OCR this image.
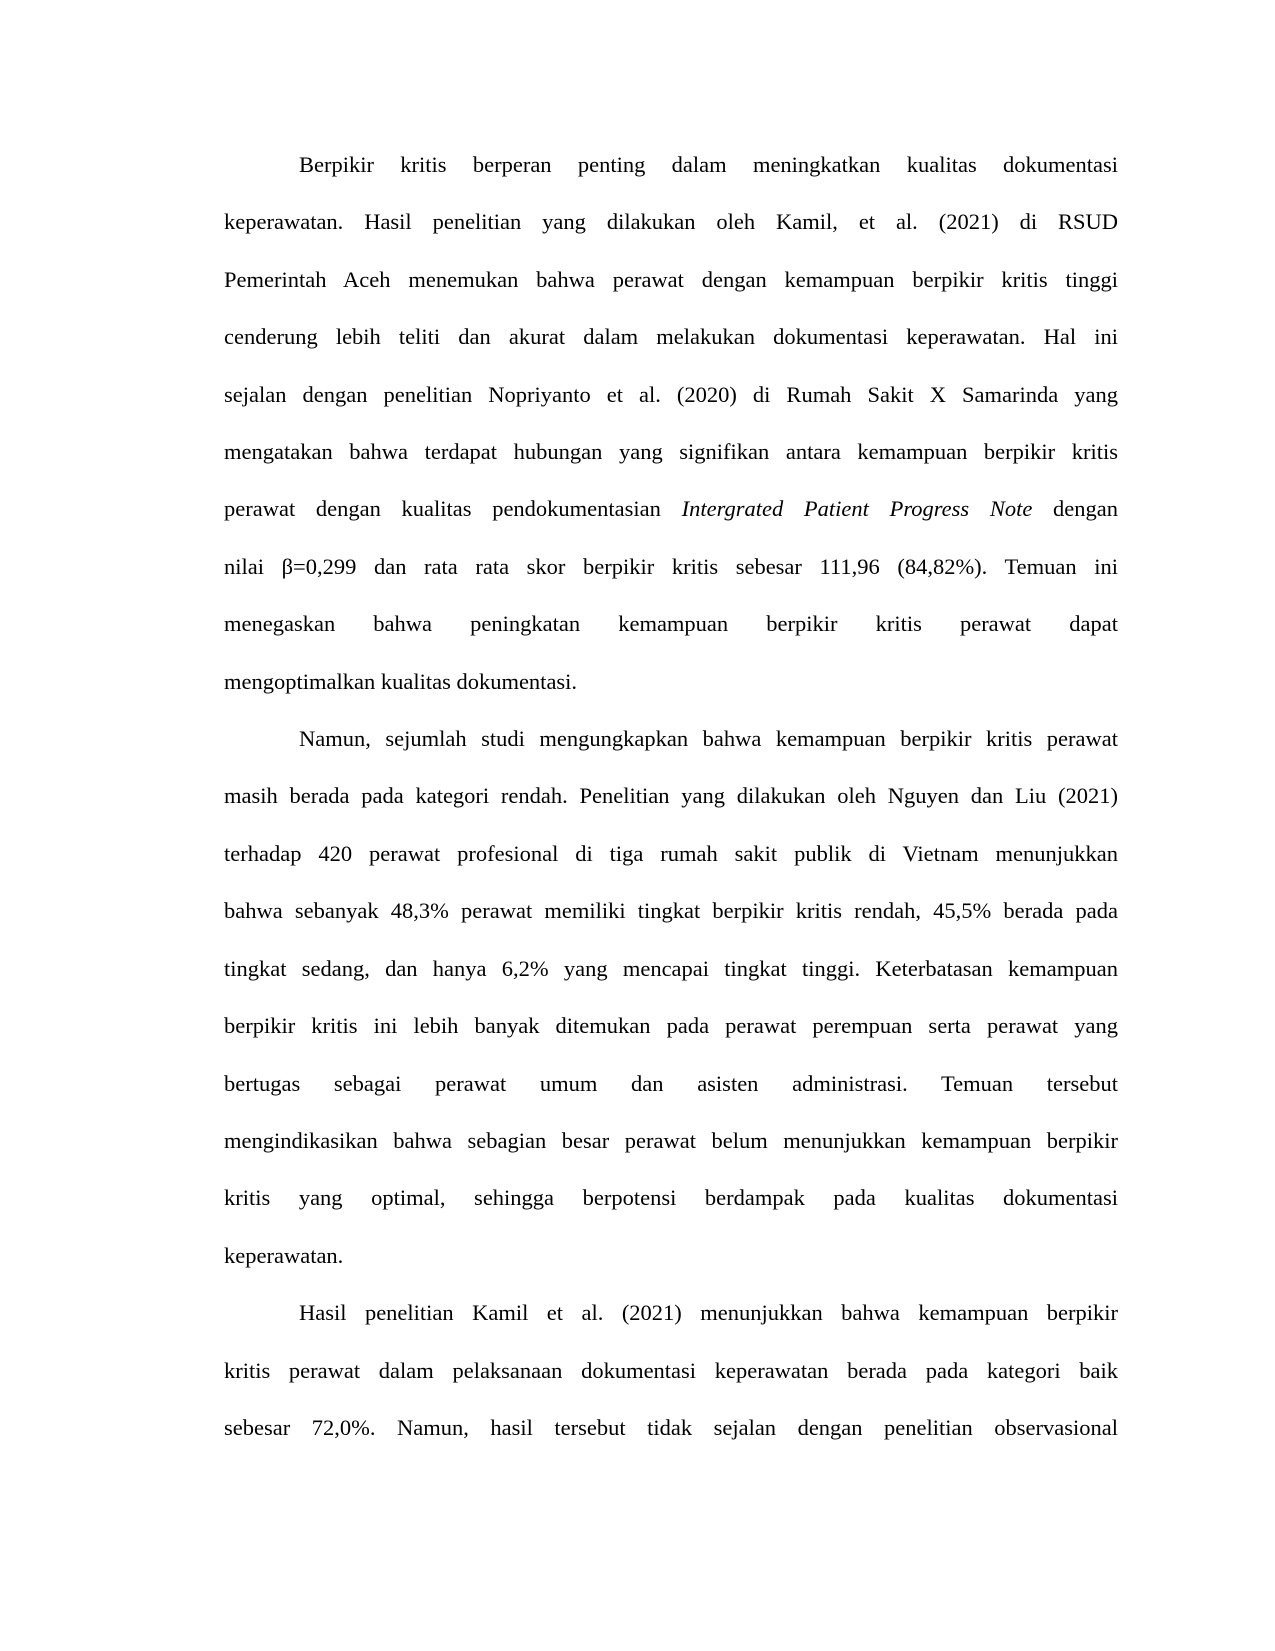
Berpikir kritis berperan penting dalam meningkatkan kualitas dokumentasi
keperawatan. Hasil penelitian yang dilakukan oleh Kamil, et al. (2021) di RSUD
Pemerintah Aceh menemukan bahwa perawat dengan kemampuan berpikir kritis tinggi
cenderung lebih teliti dan akurat dalam melakukan dokumentasi keperawatan. Hal ini
sejalan dengan penelitian Nopriyanto et al. (2020) di Rumah Sakit X Samarinda yang
mengatakan bahwa terdapat hubungan yang signifikan antara kemampuan berpikir kritis
perawat dengan kualitas pendokumentasian Intergrated Patient Progress Note dengan
nilai β=0,299 dan rata rata skor berpikir kritis sebesar 111,96 (84,82%). Temuan ini
menegaskan bahwa peningkatan kemampuan berpikir kritis perawat dapat
mengoptimalkan kualitas dokumentasi.
Namun, sejumlah studi mengungkapkan bahwa kemampuan berpikir kritis perawat
masih berada pada kategori rendah. Penelitian yang dilakukan oleh Nguyen dan Liu (2021)
terhadap 420 perawat profesional di tiga rumah sakit publik di Vietnam menunjukkan
bahwa sebanyak 48,3% perawat memiliki tingkat berpikir kritis rendah, 45,5% berada pada
tingkat sedang, dan hanya 6,2% yang mencapai tingkat tinggi. Keterbatasan kemampuan
berpikir kritis ini lebih banyak ditemukan pada perawat perempuan serta perawat yang
bertugas sebagai perawat umum dan asisten administrasi. Temuan tersebut
mengindikasikan bahwa sebagian besar perawat belum menunjukkan kemampuan berpikir
kritis yang optimal, sehingga berpotensi berdampak pada kualitas dokumentasi
keperawatan.
Hasil penelitian Kamil et al. (2021) menunjukkan bahwa kemampuan berpikir
kritis perawat dalam pelaksanaan dokumentasi keperawatan berada pada kategori baik
sebesar 72,0%. Namun, hasil tersebut tidak sejalan dengan penelitian observasional
